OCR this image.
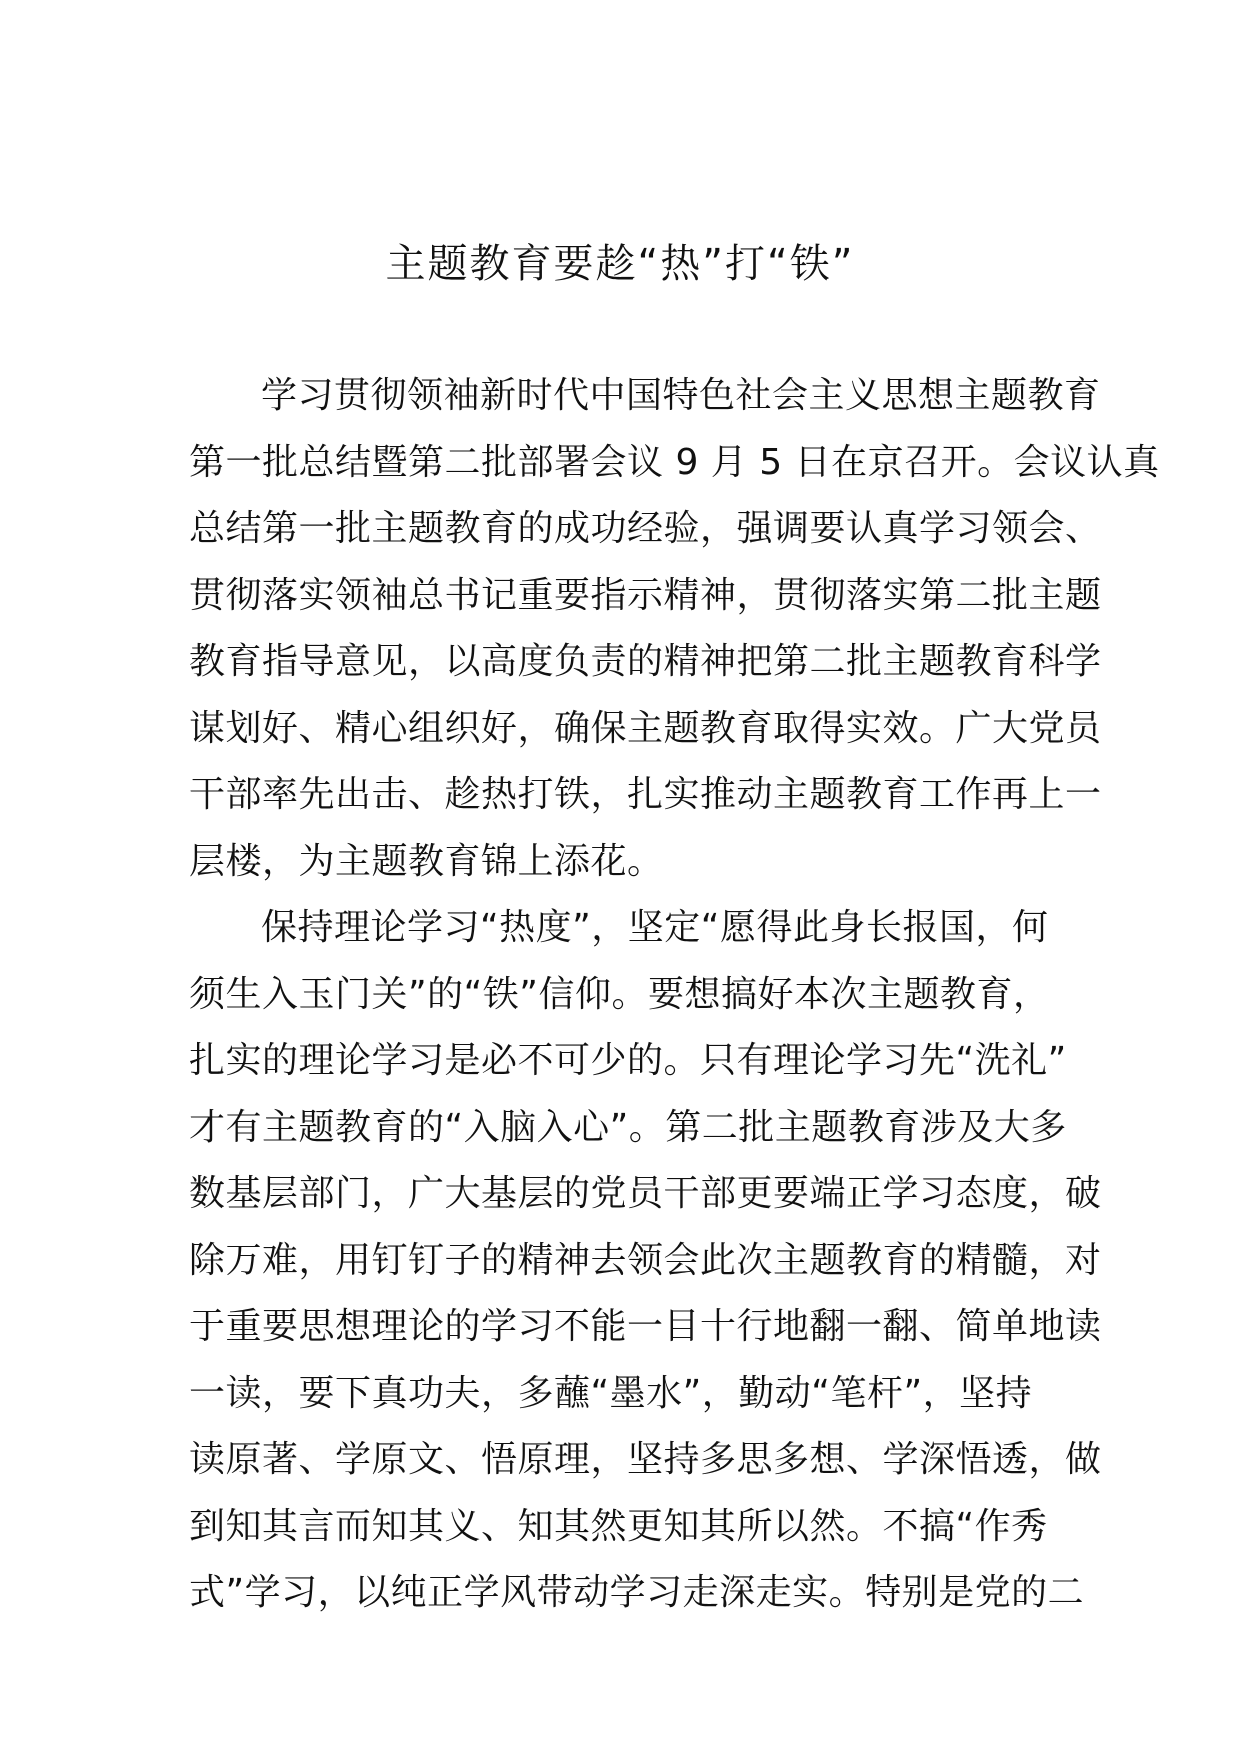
主题教育要趁“热”打“铁”

学习贯彻领袖新时代中国特色社会主义思想主题教育
第一批总结暨第二批部署会议 9 月 5 日在京召开。会议认真
总结第一批主题教育的成功经验，强调要认真学习领会、
贯彻落实领袖总书记重要指示精神，贯彻落实第二批主题
教育指导意见，以高度负责的精神把第二批主题教育科学
谋划好、精心组织好，确保主题教育取得实效。广大党员
干部率先出击、趁热打铁，扎实推动主题教育工作再上一
层楼，为主题教育锦上添花。

保持理论学习“热度”，坚定“愿得此身长报国，何
须生入玉门关”的“铁”信仰。要想搞好本次主题教育，
扎实的理论学习是必不可少的。只有理论学习先“洗礼”
才有主题教育的“入脑入心”。第二批主题教育涉及大多
数基层部门，广大基层的党员干部更要端正学习态度，破
除万难，用钉钉子的精神去领会此次主题教育的精髓，对
于重要思想理论的学习不能一目十行地翻一翻、简单地读
一读，要下真功夫，多蘸“墨水”，勤动“笔杆”，坚持
读原著、学原文、悟原理，坚持多思多想、学深悟透，做
到知其言而知其义、知其然更知其所以然。不搞“作秀
式”学习，以纯正学风带动学习走深走实。特别是党的二
